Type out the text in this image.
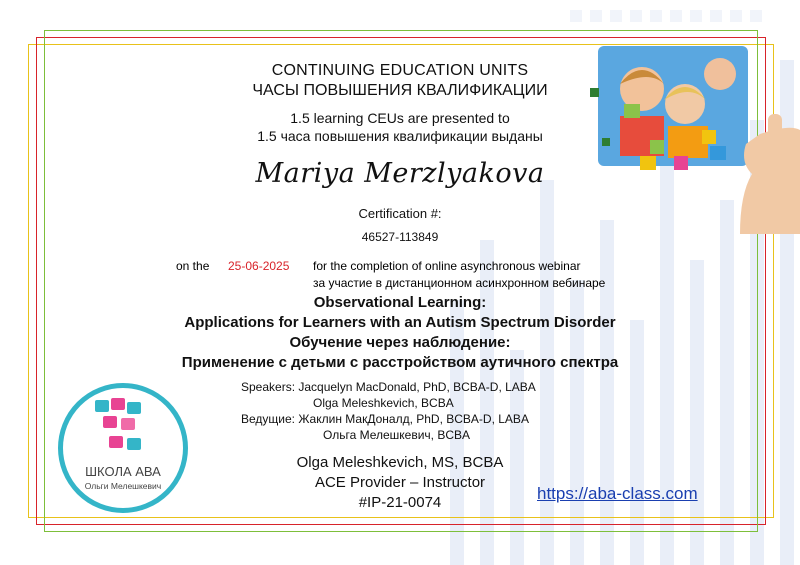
CONTINUING EDUCATION UNITS
ЧАСЫ ПОВЫШЕНИЯ КВАЛИФИКАЦИИ
1.5 learning CEUs are presented to
1.5 часа повышения квалификации выданы
Mariya Merzlyakova
Certification #:
46527-113849
on the 25-06-2025 for the completion of online asynchronous webinar
за участие в дистанционном асинхронном вебинаре
Observational Learning:
Applications for Learners with an Autism Spectrum Disorder
Обучение через наблюдение:
Применение с детьми с расстройством аутичного спектра
Speakers: Jacquelyn MacDonald, PhD, BCBA-D, LABA
Olga Meleshkevich, BCBA
Ведущие: Жаклин МакДоналд, PhD, BCBA-D, LABA
Ольга Мелешкевич, BCBA
Olga Meleshkevich, MS, BCBA
ACE Provider – Instructor
#IP-21-0074	https://aba-class.com
ШКОЛА АВА
Ольги Мелешкевич
